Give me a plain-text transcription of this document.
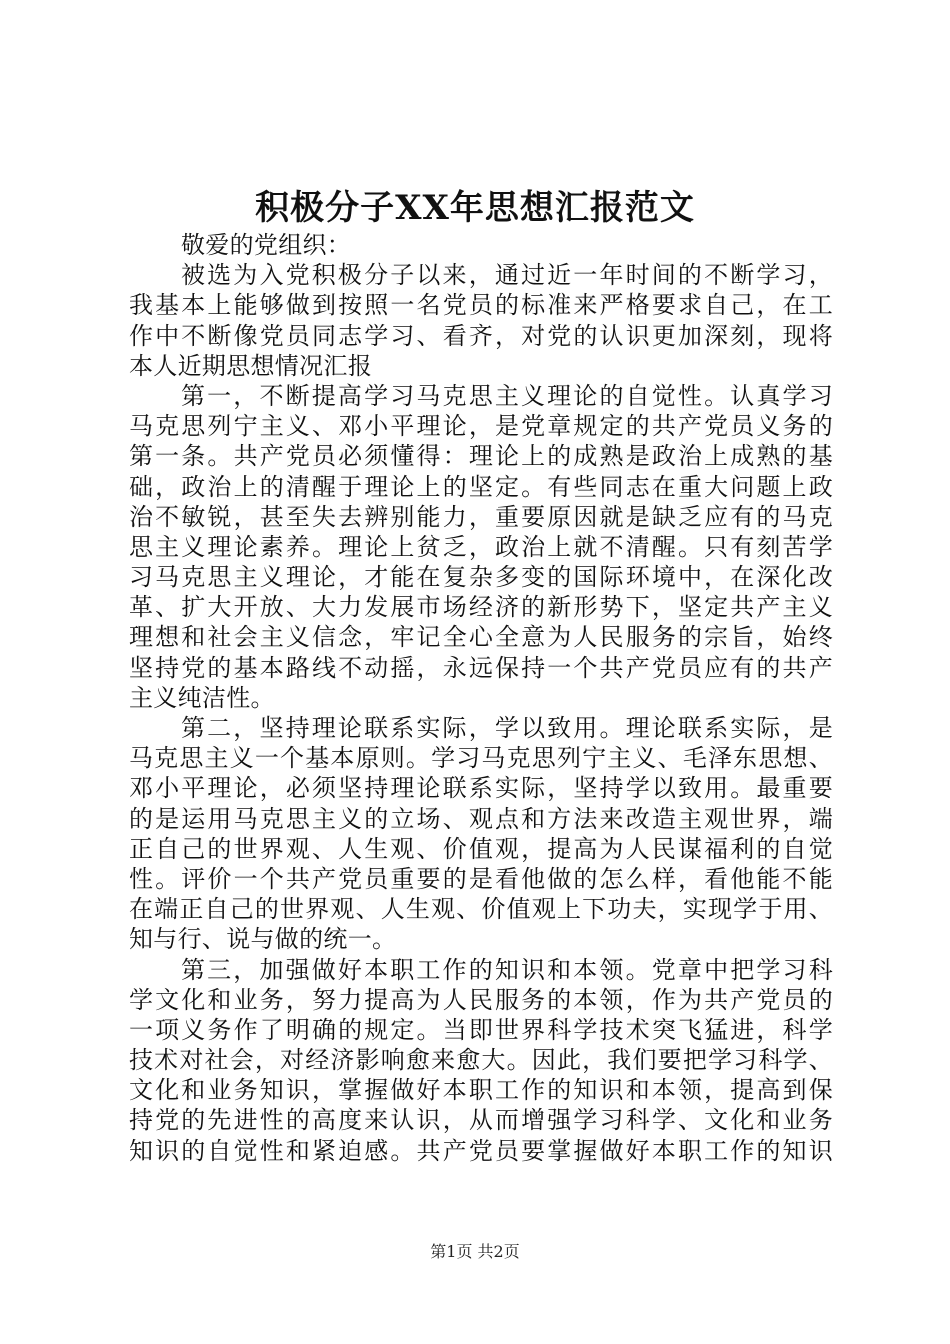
积极分子XX年思想汇报范文
敬爱的党组织：
被选为入党积极分子以来，通过近一年时间的不断学习，
我基本上能够做到按照一名党员的标准来严格要求自己，在工
作中不断像党员同志学习、看齐，对党的认识更加深刻，现将
本人近期思想情况汇报
第一，不断提高学习马克思主义理论的自觉性。认真学习
马克思列宁主义、邓小平理论，是党章规定的共产党员义务的
第一条。共产党员必须懂得：理论上的成熟是政治上成熟的基
础，政治上的清醒于理论上的坚定。有些同志在重大问题上政
治不敏锐，甚至失去辨别能力，重要原因就是缺乏应有的马克
思主义理论素养。理论上贫乏，政治上就不清醒。只有刻苦学
习马克思主义理论，才能在复杂多变的国际环境中，在深化改
革、扩大开放、大力发展市场经济的新形势下，坚定共产主义
理想和社会主义信念，牢记全心全意为人民服务的宗旨，始终
坚持党的基本路线不动摇，永远保持一个共产党员应有的共产
主义纯洁性。
第二，坚持理论联系实际，学以致用。理论联系实际，是
马克思主义一个基本原则。学习马克思列宁主义、毛泽东思想、
邓小平理论，必须坚持理论联系实际，坚持学以致用。最重要
的是运用马克思主义的立场、观点和方法来改造主观世界，端
正自己的世界观、人生观、价值观，提高为人民谋福利的自觉
性。评价一个共产党员重要的是看他做的怎么样，看他能不能
在端正自己的世界观、人生观、价值观上下功夫，实现学于用、
知与行、说与做的统一。
第三，加强做好本职工作的知识和本领。党章中把学习科
学文化和业务，努力提高为人民服务的本领，作为共产党员的
一项义务作了明确的规定。当即世界科学技术突飞猛进，科学
技术对社会，对经济影响愈来愈大。因此，我们要把学习科学、
文化和业务知识，掌握做好本职工作的知识和本领，提高到保
持党的先进性的高度来认识，从而增强学习科学、文化和业务
知识的自觉性和紧迫感。共产党员要掌握做好本职工作的知识
第1页 共2页
